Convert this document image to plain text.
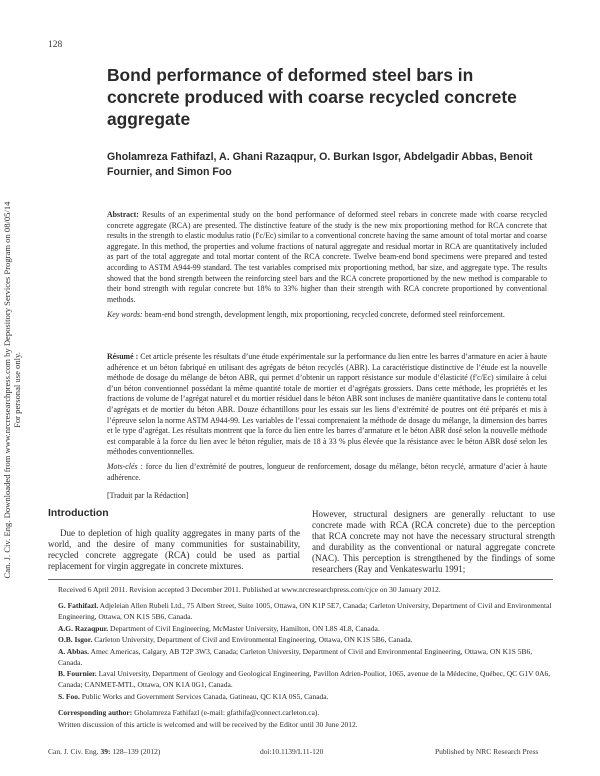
128
Can. J. Civ. Eng. Downloaded from www.nrcresearchpress.com by Depository Services Program on 08/05/14 For personal use only.
Bond performance of deformed steel bars in concrete produced with coarse recycled concrete aggregate
Gholamreza Fathifazl, A. Ghani Razaqpur, O. Burkan Isgor, Abdelgadir Abbas, Benoit Fournier, and Simon Foo
Abstract: Results of an experimental study on the bond performance of deformed steel rebars in concrete made with coarse recycled concrete aggregate (RCA) are presented. The distinctive feature of the study is the new mix proportioning method for RCA concrete that results in the strength to elastic modulus ratio (f′c/Ec) similar to a conventional concrete having the same amount of total mortar and coarse aggregate. In this method, the properties and volume fractions of natural aggregate and residual mortar in RCA are quantitatively included as part of the total aggregate and total mortar content of the RCA concrete. Twelve beam-end bond specimens were prepared and tested according to ASTM A944-99 standard. The test variables comprised mix proportioning method, bar size, and aggregate type. The results showed that the bond strength between the reinforcing steel bars and the RCA concrete proportioned by the new method is comparable to their bond strength with regular concrete but 18% to 33% higher than their strength with RCA concrete proportioned by conventional methods.
Key words: beam-end bond strength, development length, mix proportioning, recycled concrete, deformed steel reinforcement.
Résumé : Cet article présente les résultats d’une étude expérimentale sur la performance du lien entre les barres d’armature en acier à haute adhérence et un béton fabriqué en utilisant des agrégats de béton recyclés (ABR). La caractéristique distinctive de l’étude est la nouvelle méthode de dosage du mélange de béton ABR, qui permet d’obtenir un rapport résistance sur module d’élasticité (f′c/Ec) similaire à celui d’un béton conventionnel possédant la même quantité totale de mortier et d’agrégats grossiers. Dans cette méthode, les propriétés et les fractions de volume de l’agrégat naturel et du mortier résiduel dans le béton ABR sont incluses de manière quantitative dans le contenu total d’agrégats et de mortier du béton ABR. Douze échantillons pour les essais sur les liens d’extrémité de poutres ont été préparés et mis à l’épreuve selon la norme ASTM A944-99. Les variables de l’essai comprenaient la méthode de dosage du mélange, la dimension des barres et le type d’agrégat. Les résultats montrent que la force du lien entre les barres d’armature et le béton ABR dosé selon la nouvelle méthode est comparable à la force du lien avec le béton régulier, mais de 18 à 33 % plus élevée que la résistance avec le béton ABR dosé selon les méthodes conventionnelles.
Mots-clés : force du lien d’extrémité de poutres, longueur de renforcement, dosage du mélange, béton recyclé, armature d’acier à haute adhérence.
[Traduit par la Rédaction]
Introduction
Due to depletion of high quality aggregates in many parts of the world, and the desire of many communities for sustainability, recycled concrete aggregate (RCA) could be used as partial replacement for virgin aggregate in concrete mixtures.
However, structural designers are generally reluctant to use concrete made with RCA (RCA concrete) due to the perception that RCA concrete may not have the necessary structural strength and durability as the conventional or natural aggregate concrete (NAC). This perception is strengthened by the findings of some researchers (Ray and Venkateswarlu 1991;

Received 6 April 2011. Revision accepted 3 December 2011. Published at www.nrcresearchpress.com/cjce on 30 January 2012.

G. Fathifazl. Adjeleian Allen Rubeli Ltd., 75 Albert Street, Suite 1005, Ottawa, ON K1P 5E7, Canada; Carleton University, Department of Civil and Environmental Engineering, Ottawa, ON K1S 5B6, Canada.

A.G. Razaqpur. Department of Civil Engineering, McMaster University, Hamilton, ON L8S 4L8, Canada.

O.B. Isgor. Carleton University, Department of Civil and Environmental Engineering, Ottawa, ON K1S 5B6, Canada.

A. Abbas. Amec Americas, Calgary, AB T2P 3W3, Canada; Carleton University, Department of Civil and Environmental Engineering, Ottawa, ON K1S 5B6, Canada.

B. Fournier. Laval University, Department of Geology and Geological Engineering, Pavillon Adrien-Pouliot, 1065, avenue de la Médecine, Québec, QC G1V 0A6, Canada; CANMET-MTL, Ottawa, ON K1A 0G1, Canada.

S. Foo. Public Works and Government Services Canada, Gatineau, QC K1A 0S5, Canada.

Corresponding author: Gholamreza Fathifazl (e-mail: gfathifa@connect.carleton.ca).

Written discussion of this article is welcomed and will be received by the Editor until 30 June 2012.

Can. J. Civ. Eng. 39: 128–139 (2012)	doi:10.1139/L11-120	Published by NRC Research Press
